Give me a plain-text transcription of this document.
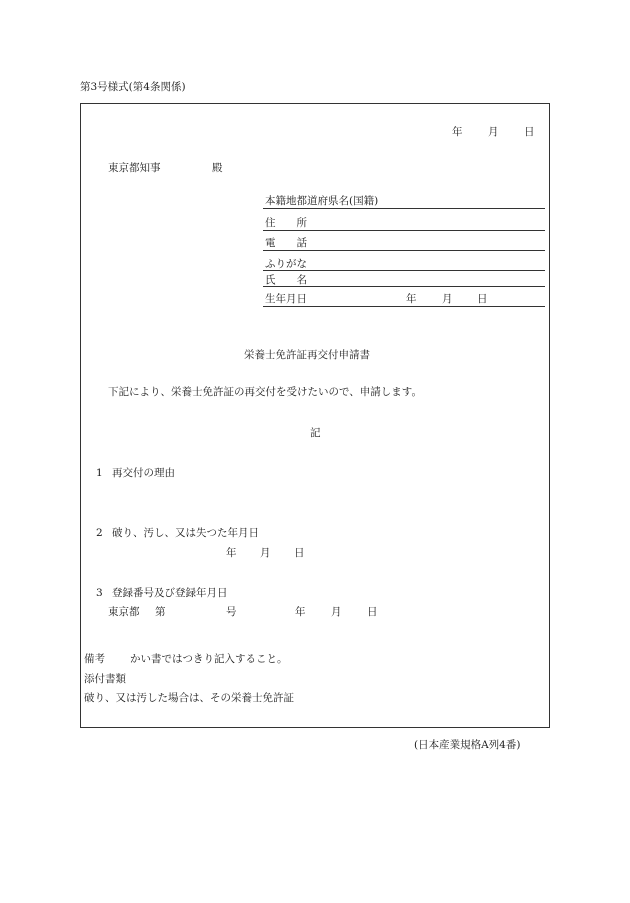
第3号様式(第4条関係)
年 月 日
東京都知事	殿
本籍地都道府県名(国籍)
住　　所
電　　話
ふりがな
氏　　名
生年月日	年 月 日
栄養士免許証再交付申請書
下記により、栄養士免許証の再交付を受けたいので、申請します。
記
1 再交付の理由
2 破り、汚し、又は失つた年月日
年 月 日
3 登録番号及び登録年月日
東京都 第	号	年 月 日
備考 かい書ではつきり記入すること。
添付書類
破り、又は汚した場合は、その栄養士免許証
(日本産業規格A列4番)
